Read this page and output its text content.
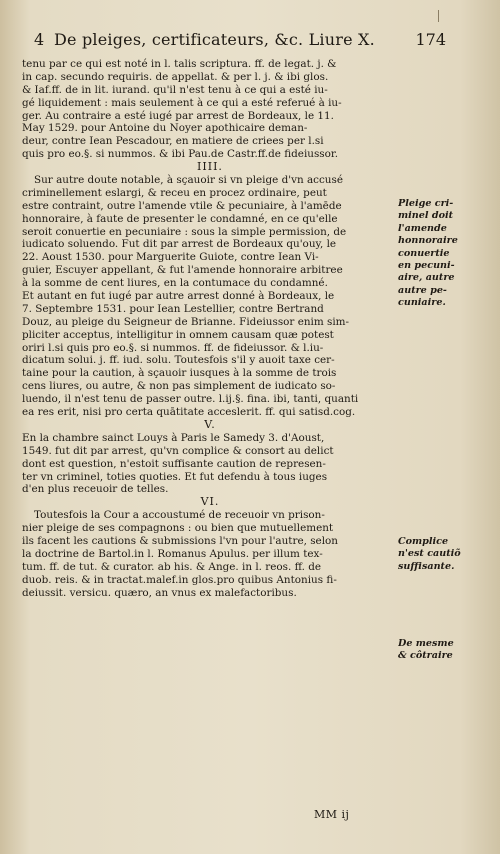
4 De pleiges, certificateurs, &c. Liure X.	174
tenu par ce qui est noté in l. talis scriptura. ff. de legat. j. &
in cap. secundo requiris. de appellat. & per l. j. & ibi glos.
& Iaf.ff. de in lit. iurand. qu'il n'est tenu à ce qui a esté iu-
gé liquidement : mais seulement à ce qui a esté referué à iu-
ger. Au contraire a esté iugé par arrest de Bordeaux, le 11.
May 1529. pour Antoine du Noyer apothicaire deman-
deur, contre Iean Pescadour, en matiere de criees per l.si
quis pro eo.§. si nummos. & ibi Pau.de Castr.ff.de fideiussor.
IIII.
Sur autre doute notable, à sçauoir si vn pleige d'vn accusé
criminellement eslargi, & receu en procez ordinaire, peut
estre contraint, outre l'amende vtile & pecuniaire, à l'amēde
honnoraire, à faute de presenter le condamné, en ce qu'elle
seroit conuertie en pecuniaire : sous la simple permission, de
iudicato soluendo. Fut dit par arrest de Bordeaux qu'ouy, le
22. Aoust 1530. pour Marguerite Guiote, contre Iean Vi-
guier, Escuyer appellant, & fut l'amende honnoraire arbitree
à la somme de cent liures, en la contumace du condamné.
Et autant en fut iugé par autre arrest donné à Bordeaux, le
7. Septembre 1531. pour Iean Lestellier, contre Bertrand
Douz, au pleige du Seigneur de Brianne. Fideiussor enim sim-
pliciter acceptus, intelligitur in omnem causam quæ potest
oriri l.si quis pro eo.§. si nummos. ff. de fideiussor. & l.iu-
dicatum solui. j. ff. iud. solu. Toutesfois s'il y auoit taxe cer-
taine pour la caution, à sçauoir iusques à la somme de trois
cens liures, ou autre, & non pas simplement de iudicato so-
luendo, il n'est tenu de passer outre. l.ij.§. fina. ibi, tanti, quanti
ea res erit, nisi pro certa quātitate acceslerit. ff. qui satisd.cog.
V.
En la chambre sainct Louys à Paris le Samedy 3. d'Aoust,
1549. fut dit par arrest, qu'vn complice & consort au delict
dont est question, n'estoit suffisante caution de represen-
ter vn criminel, toties quoties. Et fut defendu à tous iuges
d'en plus receuoir de telles.
VI.
Toutesfois la Cour a accoustumé de receuoir vn prison-
nier pleige de ses compagnons : ou bien que mutuellement
ils facent les cautions & submissions l'vn pour l'autre, selon
la doctrine de Bartol.in l. Romanus Apulus. per illum tex-
tum. ff. de tut. & curator. ab his. & Ange. in l. reos. ff. de
duob. reis. & in tractat.malef.in glos.pro quibus Antonius fi-
deiussit. versicu. quæro, an vnus ex malefactoribus.
Pleige cri-
minel doit
l'amende
honnoraire
conuertie
en pecuni-
aire, autre
autre pe-
cuniaire.
Complice
n'est cautiõ
suffisante.
De mesme
& côtraire
MM ij
